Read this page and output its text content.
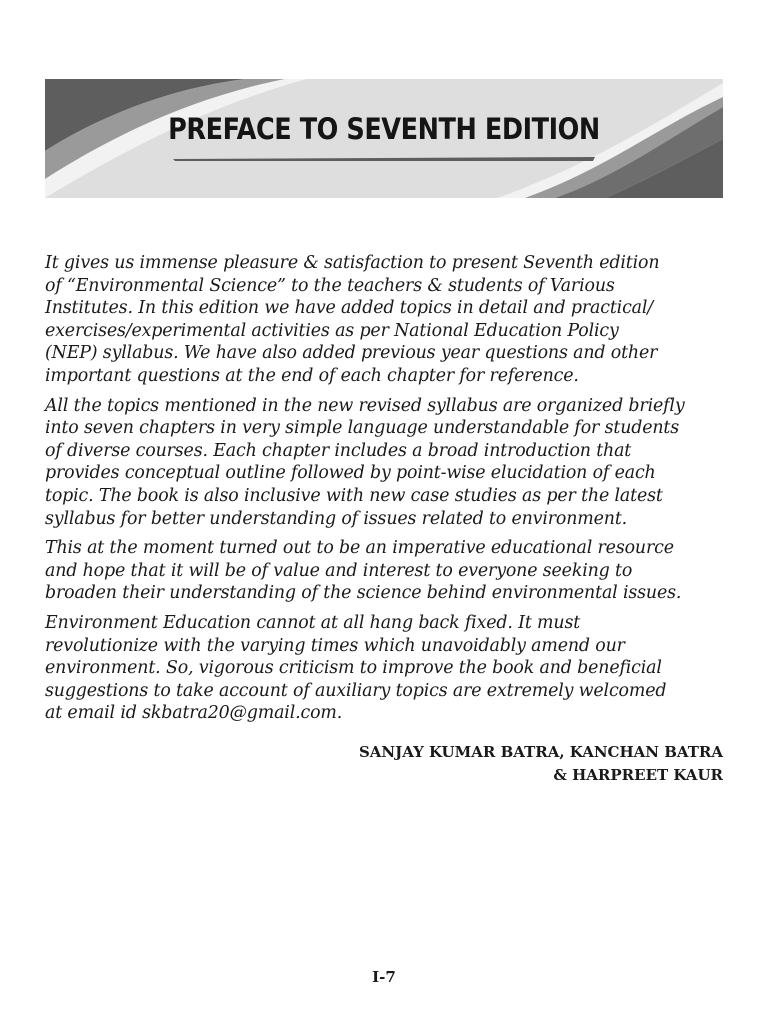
PREFACE TO SEVENTH EDITION

It gives us immense pleasure & satisfaction to present Seventh edition
of “Environmental Science” to the teachers & students of Various
Institutes. In this edition we have added topics in detail and practical/
exercises/experimental activities as per National Education Policy
(NEP) syllabus. We have also added previous year questions and other
important questions at the end of each chapter for reference.

All the topics mentioned in the new revised syllabus are organized briefly
into seven chapters in very simple language understandable for students
of diverse courses. Each chapter includes a broad introduction that
provides conceptual outline followed by point-wise elucidation of each
topic. The book is also inclusive with new case studies as per the latest
syllabus for better understanding of issues related to environment.

This at the moment turned out to be an imperative educational resource
and hope that it will be of value and interest to everyone seeking to
broaden their understanding of the science behind environmental issues.

Environment Education cannot at all hang back fixed. It must
revolutionize with the varying times which unavoidably amend our
environment. So, vigorous criticism to improve the book and beneficial
suggestions to take account of auxiliary topics are extremely welcomed
at email id skbatra20@gmail.com.

SANJAY KUMAR BATRA, KANCHAN BATRA
& HARPREET KAUR
I-7
